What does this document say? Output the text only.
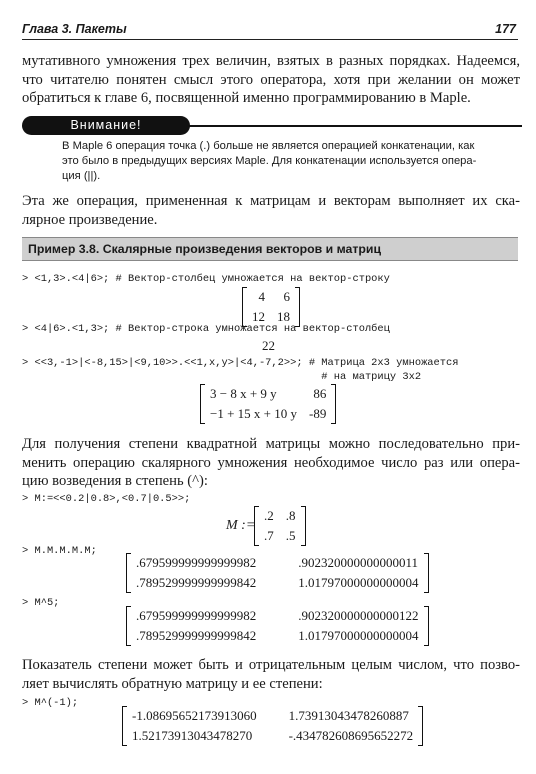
Глава 3. Пакеты	177
мутативного умножения трех величин, взятых в разных порядках. Надеемся,
что читателю понятен смысл этого оператора, хотя при желании он может
обратиться к главе 6, посвященной именно программированию в Maple.
Внимание!
В Maple 6 операция точка (.) больше не является операцией конкатенации, как
это было в предыдущих версиях Maple. Для конкатенации используется опера-
ция (||).
Эта же операция, примененная к матрицам и векторам выполняет их ска-
лярное произведение.
Пример 3.8. Скалярные произведения векторов и матриц
> <1,3>.<4|6>; # Вектор-столбец умножается на вектор-строку
4	6
12	18
> <4|6>.<1,3>; # Вектор-строка умножается на вектор-столбец
22
> <<3,-1>|<-8,15>|<9,10>>.<<1,x,y>|<4,-7,2>>; # Матрица 2x3 умножается
# на матрицу 3x2
3 − 8 x + 9 y	86
−1 + 15 x + 10 y	-89
Для получения степени квадратной матрицы можно последовательно при-
менить операцию скалярного умножения необходимое число раз или опера-
цию возведения в степень (^):
> M:=<<0.2|0.8>,<0.7|0.5>>;
M :=
.2	.8
.7	.5
> M.M.M.M.M;
.679599999999999982	.902320000000000011
.789529999999999842	1.01797000000000004
> M^5;
.679599999999999982	.902320000000000122
.789529999999999842	1.01797000000000004
Показатель степени может быть и отрицательным целым числом, что позво-
ляет вычислять обратную матрицу и ее степени:
> M^(-1);
-1.08695652173913060	1.73913043478260887
1.52173913043478270	-.434782608695652272
